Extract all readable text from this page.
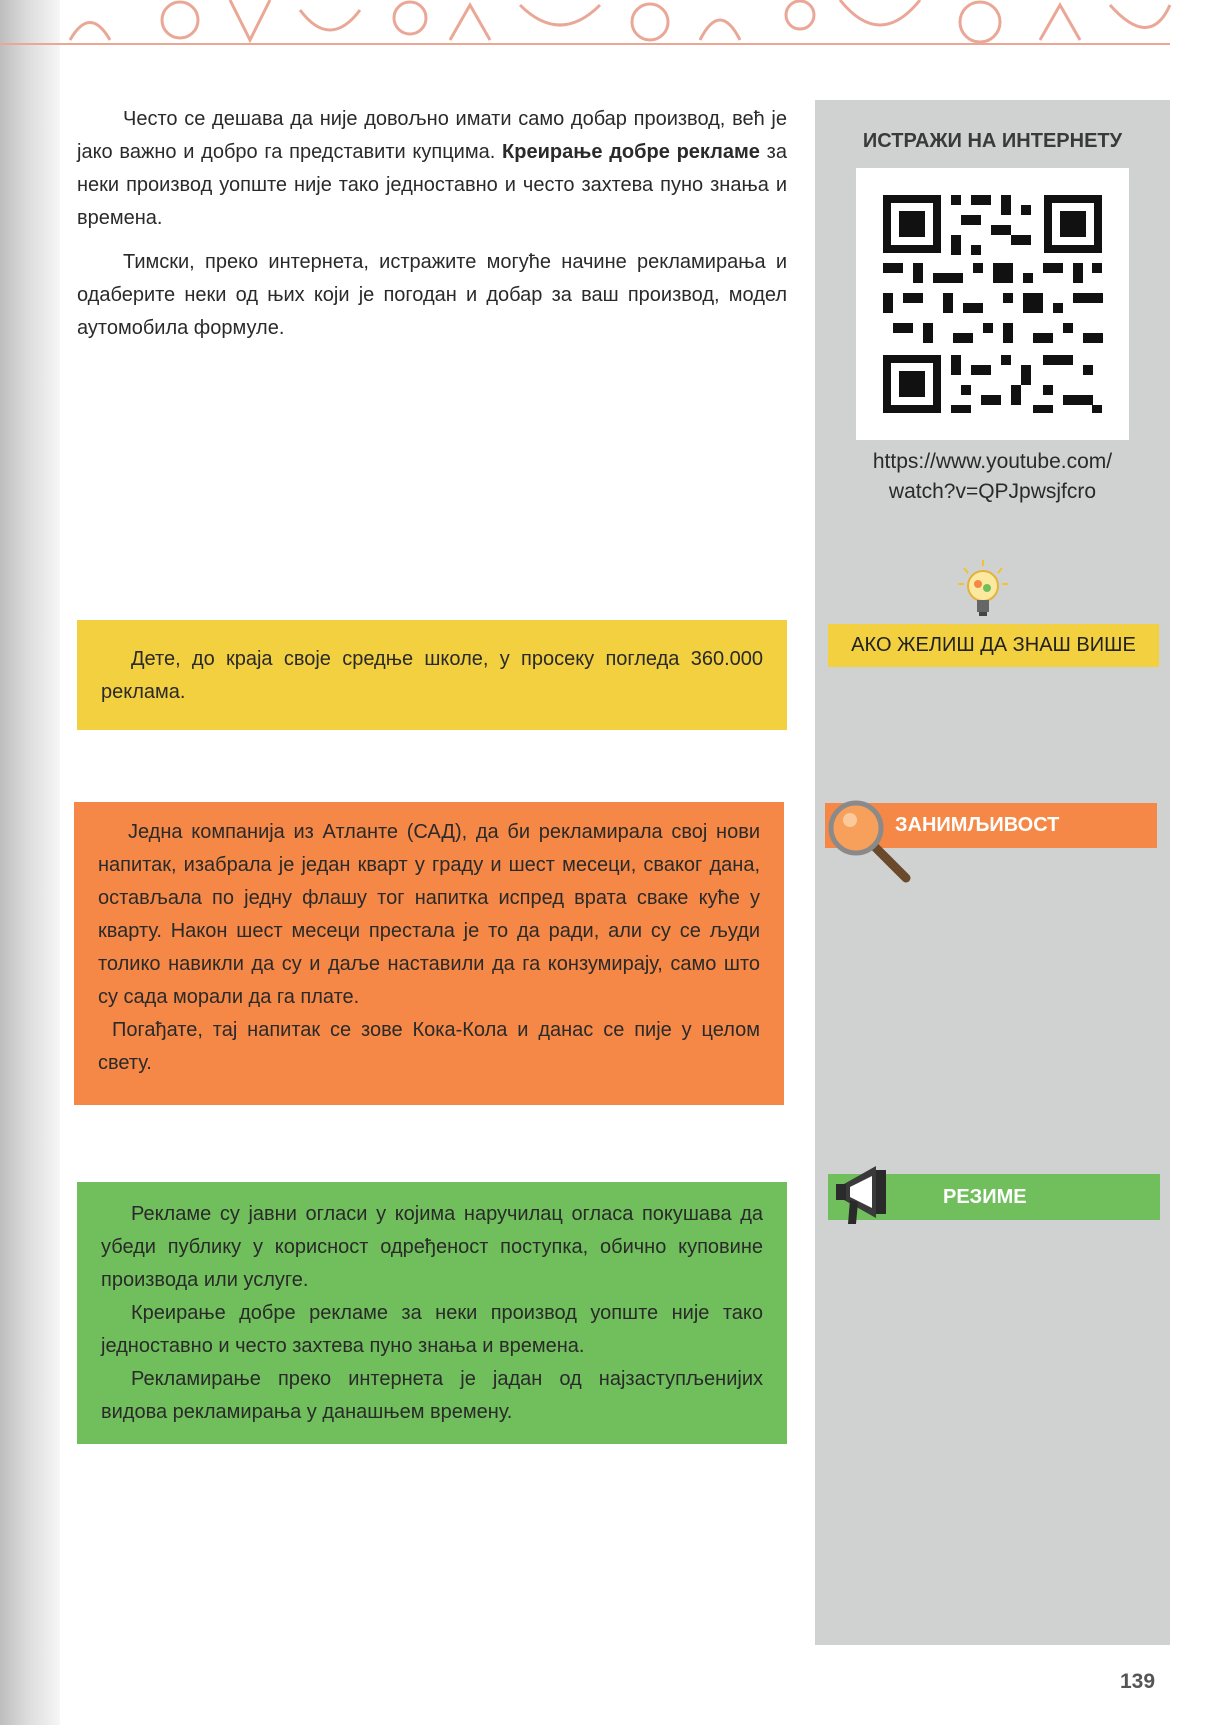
Често се дешава да није довољно имати само добар производ, већ је јако важно и добро га представити купцима. Креирање добре рекламе за неки производ уопште није тако једноставно и често захтева пуно знања и времена.

Тимски, преко интернета, истражите могуће начине рекламирања и одаберите неки од њих који је погодан и добар за ваш производ, модел аутомобила формуле.

ИСТРАЖИ НА ИНТЕРНЕТУ
https://www.youtube.com/
watch?v=QPJpwsjfcro
АКО ЖЕЛИШ ДА ЗНАШ ВИШЕ

Дете, до краја своје средње школе, у просеку погледа 360.000 реклама.

ЗАНИМЉИВОСТ

Једна компанија из Атланте (САД), да би рекламирала свој нови напитак, изабрала је један кварт у граду и шест месеци, сваког дана, остављала по једну флашу тог напитка испред врата сваке куће у кварту. Након шест месеци престала је то да ради, али су се људи толико навикли да су и даље наставили да га конзумирају, само што су сада морали да га плате.

Погађате, тај напитак се зове Кока-Кола и данас се пије у целом свету.

РЕЗИМЕ

Рекламе су јавни огласи у којима наручилац огласа покушава да убеди публику у корисност одређеност поступка, обично куповине производа или услуге.

Креирање добре рекламе за неки производ уопште није тако једноставно и често захтева пуно знања и времена.

Рекламирање преко интернета је јадан од најзаступљенијих видова рекламирања у данашњем времену.

139
